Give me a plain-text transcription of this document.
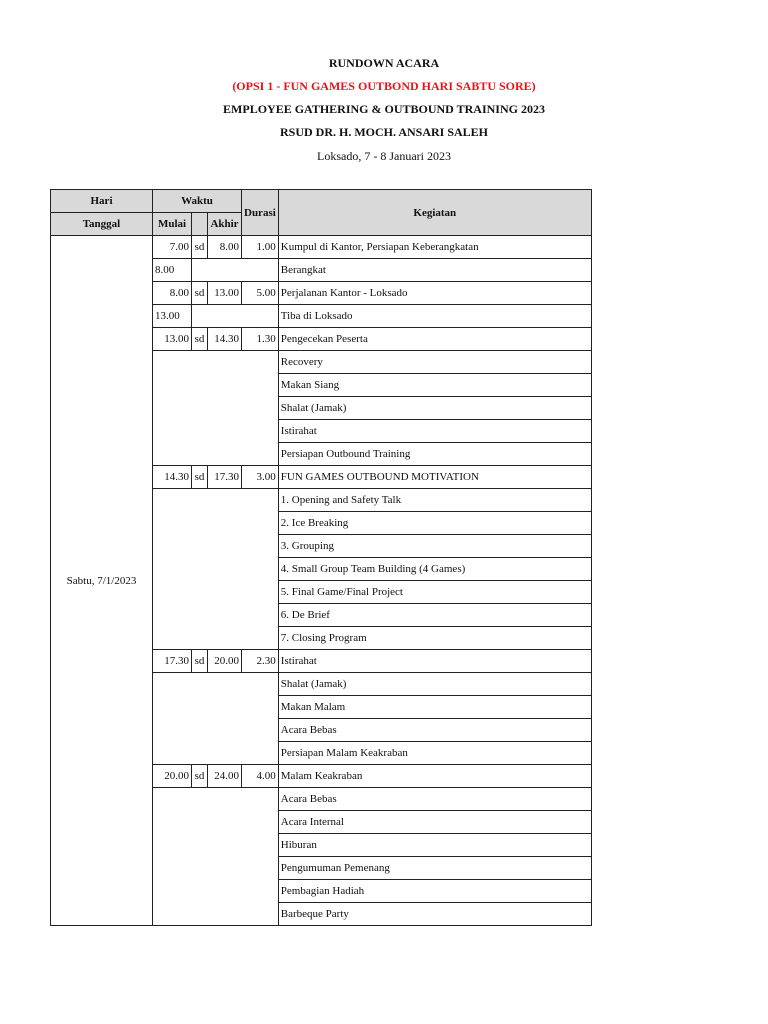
RUNDOWN ACARA
(OPSI 1 - FUN GAMES OUTBOND HARI SABTU SORE)
EMPLOYEE GATHERING & OUTBOUND TRAINING 2023
RSUD DR. H. MOCH. ANSARI SALEH
Loksado, 7 - 8 Januari 2023
Hari	Waktu			Durasi	Kegiatan
Tanggal	Mulai		Akhir		
Sabtu, 7/1/2023	7.00	sd	8.00	1.00	Kumpul di Kantor, Persiapan Keberangkatan
	8.00				Berangkat
	8.00	sd	13.00	5.00	Perjalanan Kantor - Loksado
	13.00				Tiba di Loksado
	13.00	sd	14.30	1.30	Pengecekan Peserta
					Recovery
					Makan Siang
					Shalat (Jamak)
					Istirahat
					Persiapan Outbound Training
	14.30	sd	17.30	3.00	FUN GAMES OUTBOUND MOTIVATION
					1. Opening and Safety Talk
					2. Ice Breaking
					3. Grouping
					4. Small Group Team Building (4 Games)
					5. Final Game/Final Project
					6. De Brief
					7. Closing Program
	17.30	sd	20.00	2.30	Istirahat
					Shalat (Jamak)
					Makan Malam
					Acara Bebas
					Persiapan Malam Keakraban
	20.00	sd	24.00	4.00	Malam Keakraban
					Acara Bebas
					Acara Internal
					Hiburan
					Pengumuman Pemenang
					Pembagian Hadiah
					Barbeque Party
